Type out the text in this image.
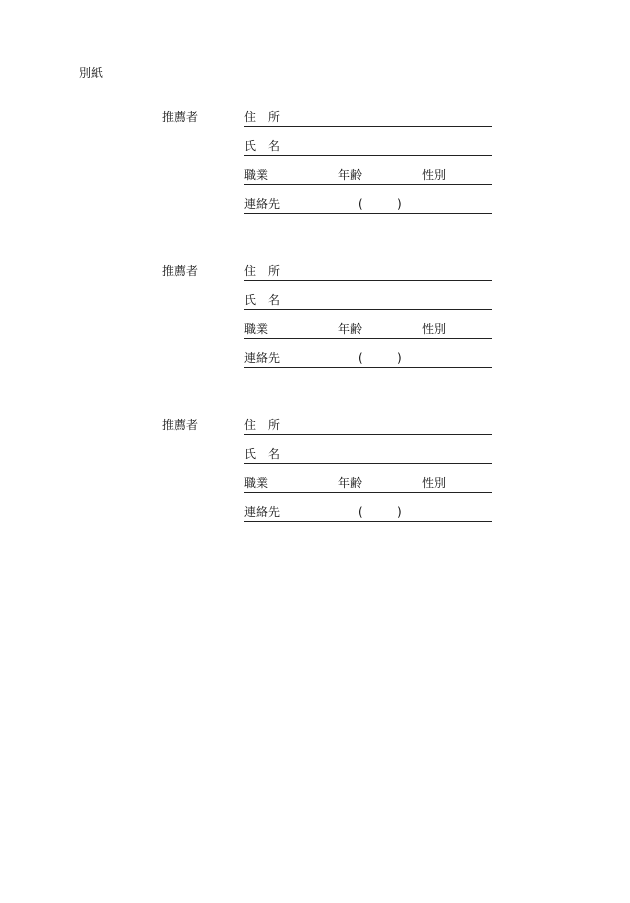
別紙
推薦者	住　所
氏　名
職業	年齢	性別
連絡先	(	)
推薦者	住　所
氏　名
職業	年齢	性別
連絡先	(	)
推薦者	住　所
氏　名
職業	年齢	性別
連絡先	(	)
